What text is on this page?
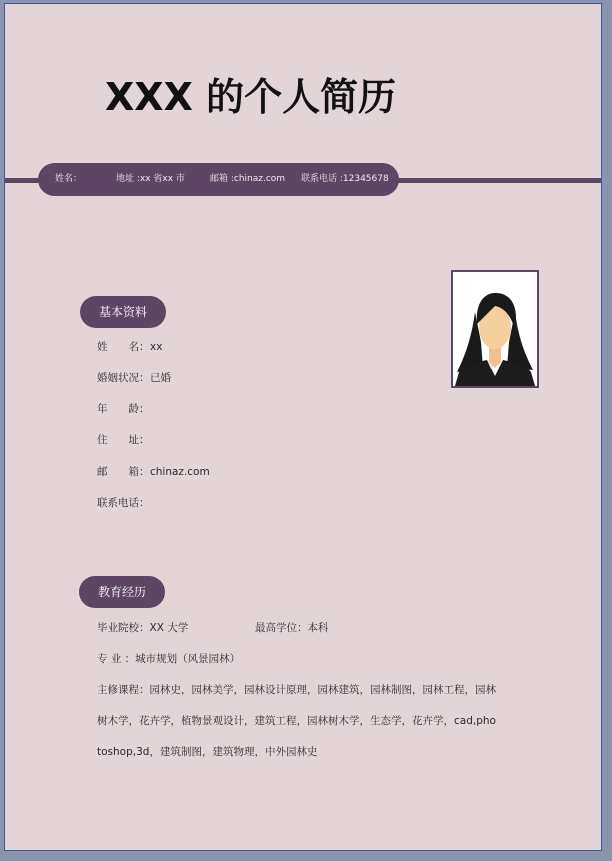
XXX 的个人简历
姓名：	地址 :xx 省xx 市	邮箱 :chinaz.com 联系电话 :12345678
基本资料
姓　　名：xx
婚姻状况：已婚
年　　龄：
住　　址：
邮　　箱：chinaz.com
联系电话：
教育经历
毕业院校：XX 大学	最高学位：本科
专 业 ：城市规划（风景园林）
主修课程：园林史，园林美学，园林设计原理，园林建筑，园林制图，园林工程，园林
树木学，花卉学，植物景观设计，建筑工程，园林树木学，生态学，花卉学，cad,pho
toshop,3d，建筑制图，建筑物理，中外园林史
